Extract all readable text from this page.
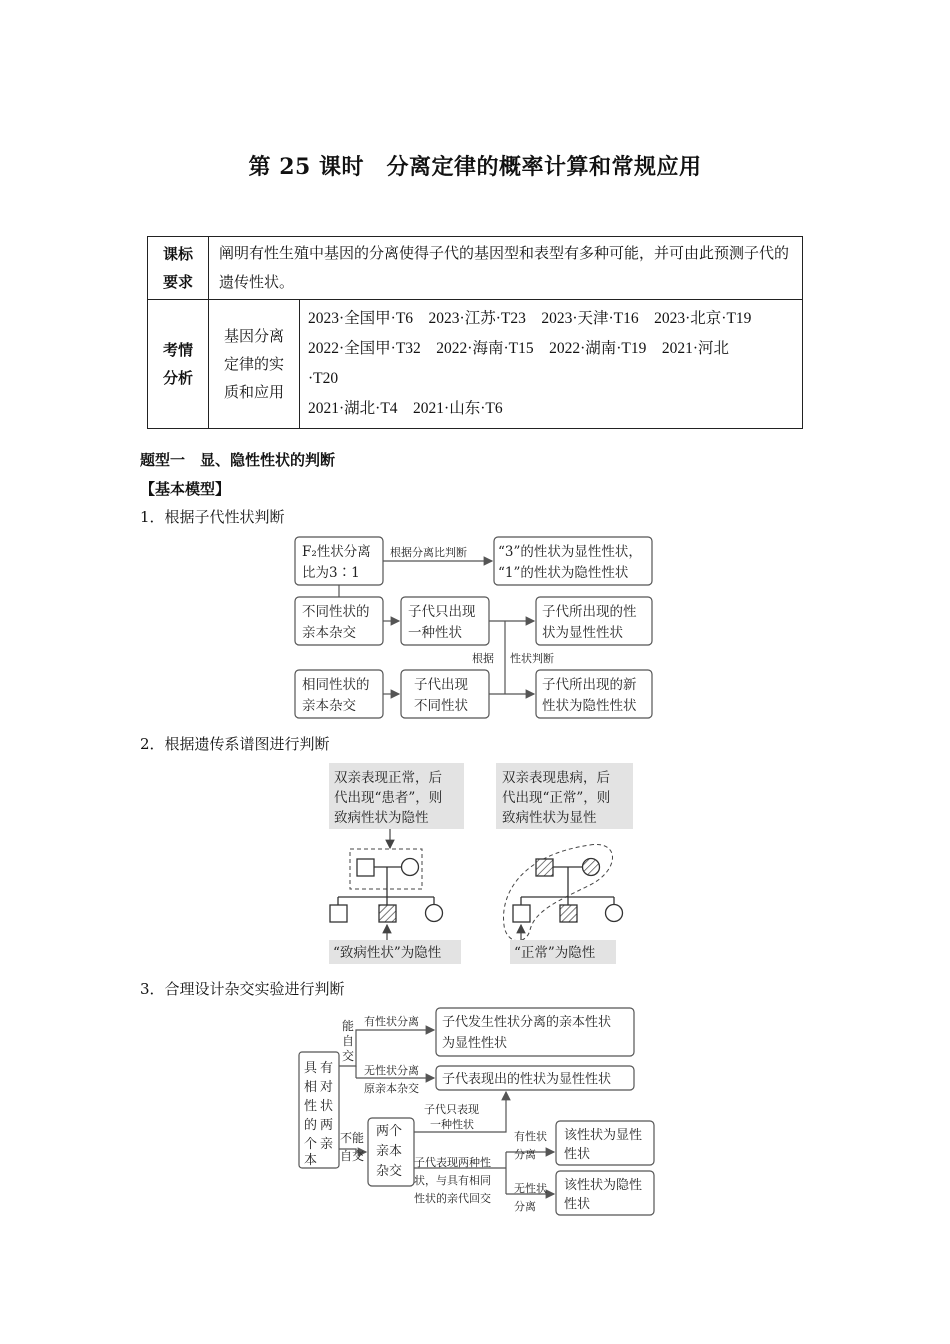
第 25 课时　分离定律的概率计算和常规应用
课标要求	阐明有性生殖中基因的分离使得子代的基因型和表型有多种可能，并可由此预测子代的遗传性状。	
考情分析	基因分离定律的实质和应用	2023·全国甲·T6　2023·江苏·T23　2023·天津·T16　2023·北京·T19
2022·全国甲·T32　2022·海南·T15　2022·湖南·T19　2021·河北
·T20
2021·湖北·T4　2021·山东·T6
题型一　显、隐性性状的判断
【基本模型】
1．根据子代性状判断
2．根据遗传系谱图进行判断
3．合理设计杂交实验进行判断
F₂性状分离
比为3∶1
根据分离比判断 “3”的性状为显性性状，
“1”的性状为隐性性状
不同性状的
亲本杂交
子代只出现
一种性状
子代所出现的性
状为显性性状
根据 性状判断
相同性状的
亲本杂交
子代出现
不同性状
子代所出现的新
性状为隐性性状
双亲表现正常，后
代出现“患者”，则
致病性状为隐性
“致病性状”为隐性
双亲表现患病，后
代出现“正常”，则
致病性状为显性
“正常”为隐性
具 有
相 对
性 状
的 两
个 亲
本
能
自
交
不能
自交
有性状分离
无性状分离
原亲本杂交
子代发生性状分离的亲本性状
为显性性状
子代表现出的性状为显性性状
两个
亲本
杂交
子代只表现
一种性状
子代表现两种性
状，与具有相同
性状的亲代回交
有性状
分离
无性状
分离
该性状为显性
性状
该性状为隐性
性状
